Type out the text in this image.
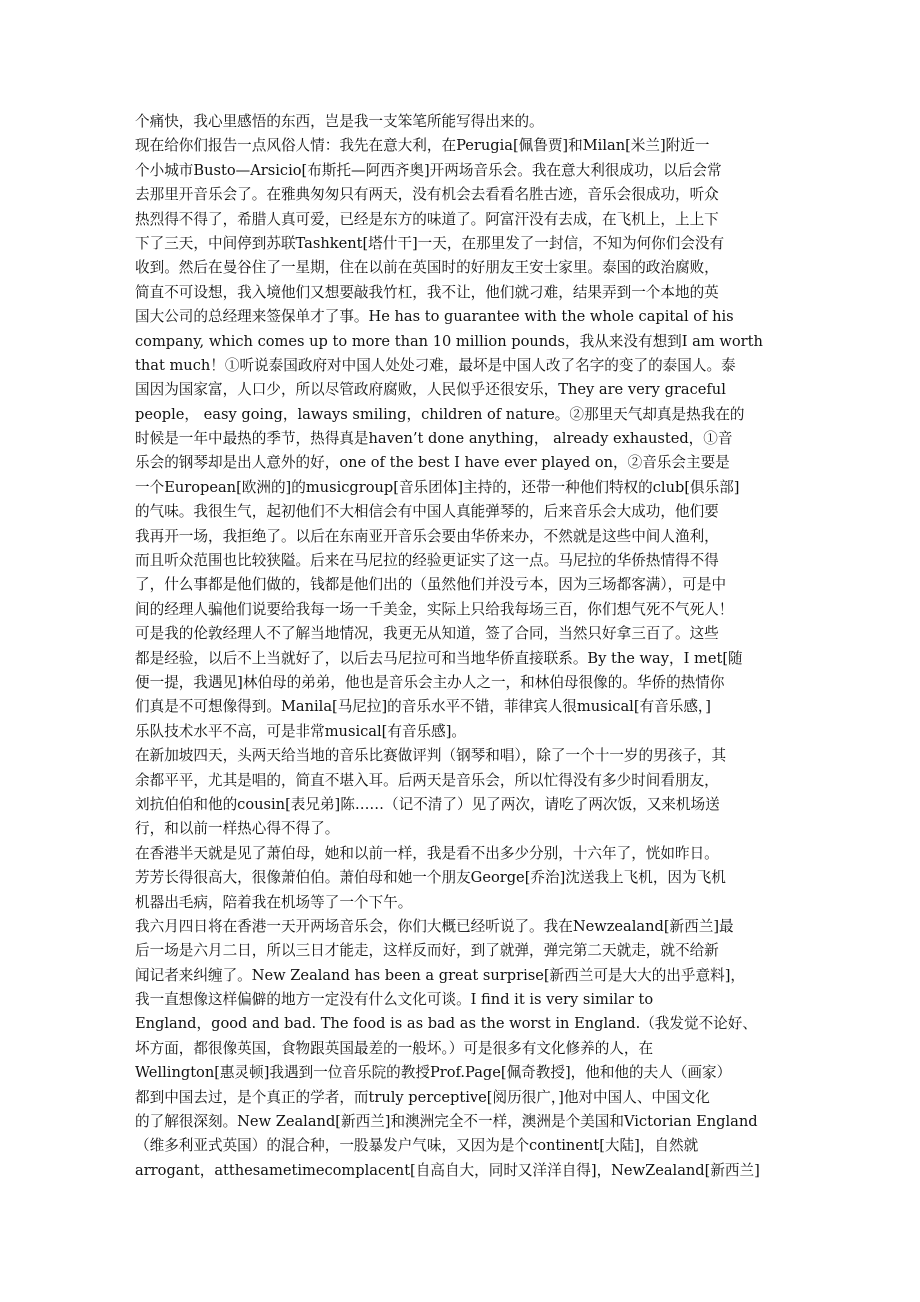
个痛快，我心里感悟的东西，岂是我一支笨笔所能写得出来的。
现在给你们报告一点风俗人情：我先在意大利，在Perugia[佩鲁贾]和Milan[米兰]附近一
个小城市Busto—Arsicio[布斯托—阿西齐奥]开两场音乐会。我在意大利很成功，以后会常
去那里开音乐会了。在雅典匆匆只有两天，没有机会去看看名胜古迹，音乐会很成功，听众
热烈得不得了，希腊人真可爱，已经是东方的味道了。阿富汗没有去成，在飞机上，上上下
下了三天，中间停到苏联Tashkent[塔什干]一天，在那里发了一封信，不知为何你们会没有
收到。然后在曼谷住了一星期，住在以前在英国时的好朋友王安士家里。泰国的政治腐败，
简直不可设想，我入境他们又想要敲我竹杠，我不让，他们就刁难，结果弄到一个本地的英
国大公司的总经理来签保单才了事。He has to guarantee with the whole capital of his
company, which comes up to more than 10 million pounds，我从来没有想到I am worth
that much！①听说泰国政府对中国人处处刁难，最坏是中国人改了名字的变了的泰国人。泰
国因为国家富，人口少，所以尽管政府腐败，人民似乎还很安乐，They are very graceful
people， easy going，laways smiling，children of nature。②那里天气却真是热我在的
时候是一年中最热的季节，热得真是haven’t done anything， already exhausted，①音
乐会的钢琴却是出人意外的好，one of the best I have ever played on，②音乐会主要是
一个European[欧洲的]的musicgroup[音乐团体]主持的，还带一种他们特权的club[俱乐部]
的气味。我很生气，起初他们不大相信会有中国人真能弹琴的，后来音乐会大成功，他们要
我再开一场，我拒绝了。以后在东南亚开音乐会要由华侨来办，不然就是这些中间人渔利，
而且听众范围也比较狭隘。后来在马尼拉的经验更证实了这一点。马尼拉的华侨热情得不得
了，什么事都是他们做的，钱都是他们出的（虽然他们并没亏本，因为三场都客满），可是中
间的经理人骗他们说要给我每一场一千美金，实际上只给我每场三百，你们想气死不气死人！
可是我的伦敦经理人不了解当地情况，我更无从知道，签了合同，当然只好拿三百了。这些
都是经验，以后不上当就好了，以后去马尼拉可和当地华侨直接联系。By the way，I met[随
便一提，我遇见]林伯母的弟弟，他也是音乐会主办人之一，和林伯母很像的。华侨的热情你
们真是不可想像得到。Manila[马尼拉]的音乐水平不错，菲律宾人很musical[有音乐感，]
乐队技术水平不高，可是非常musical[有音乐感]。
在新加坡四天，头两天给当地的音乐比赛做评判（钢琴和唱），除了一个十一岁的男孩子，其
余都平平，尤其是唱的，简直不堪入耳。后两天是音乐会，所以忙得没有多少时间看朋友，
刘抗伯伯和他的cousin[表兄弟]陈……（记不清了）见了两次，请吃了两次饭，又来机场送
行，和以前一样热心得不得了。
在香港半天就是见了萧伯母，她和以前一样，我是看不出多少分别，十六年了，恍如昨日。
芳芳长得很高大，很像萧伯伯。萧伯母和她一个朋友George[乔治]沈送我上飞机，因为飞机
机器出毛病，陪着我在机场等了一个下午。
我六月四日将在香港一天开两场音乐会，你们大概已经听说了。我在Newzealand[新西兰]最
后一场是六月二日，所以三日才能走，这样反而好，到了就弹，弹完第二天就走，就不给新
闻记者来纠缠了。New Zealand has been a great surprise[新西兰可是大大的出乎意料]，
我一直想像这样偏僻的地方一定没有什么文化可谈。I find it is very similar to
England，good and bad. The food is as bad as the worst in England.（我发觉不论好、
坏方面，都很像英国，食物跟英国最差的一般坏。）可是很多有文化修养的人，在
Wellington[惠灵顿]我遇到一位音乐院的教授Prof.Page[佩奇教授]，他和他的夫人（画家）
都到中国去过，是个真正的学者，而truly perceptive[阅历很广，]他对中国人、中国文化
的了解很深刻。New Zealand[新西兰]和澳洲完全不一样，澳洲是个美国和Victorian England
（维多利亚式英国）的混合种，一股暴发户气味，又因为是个continent[大陆]，自然就
arrogant，atthesametimecomplacent[自高自大，同时又洋洋自得]，NewZealand[新西兰]
